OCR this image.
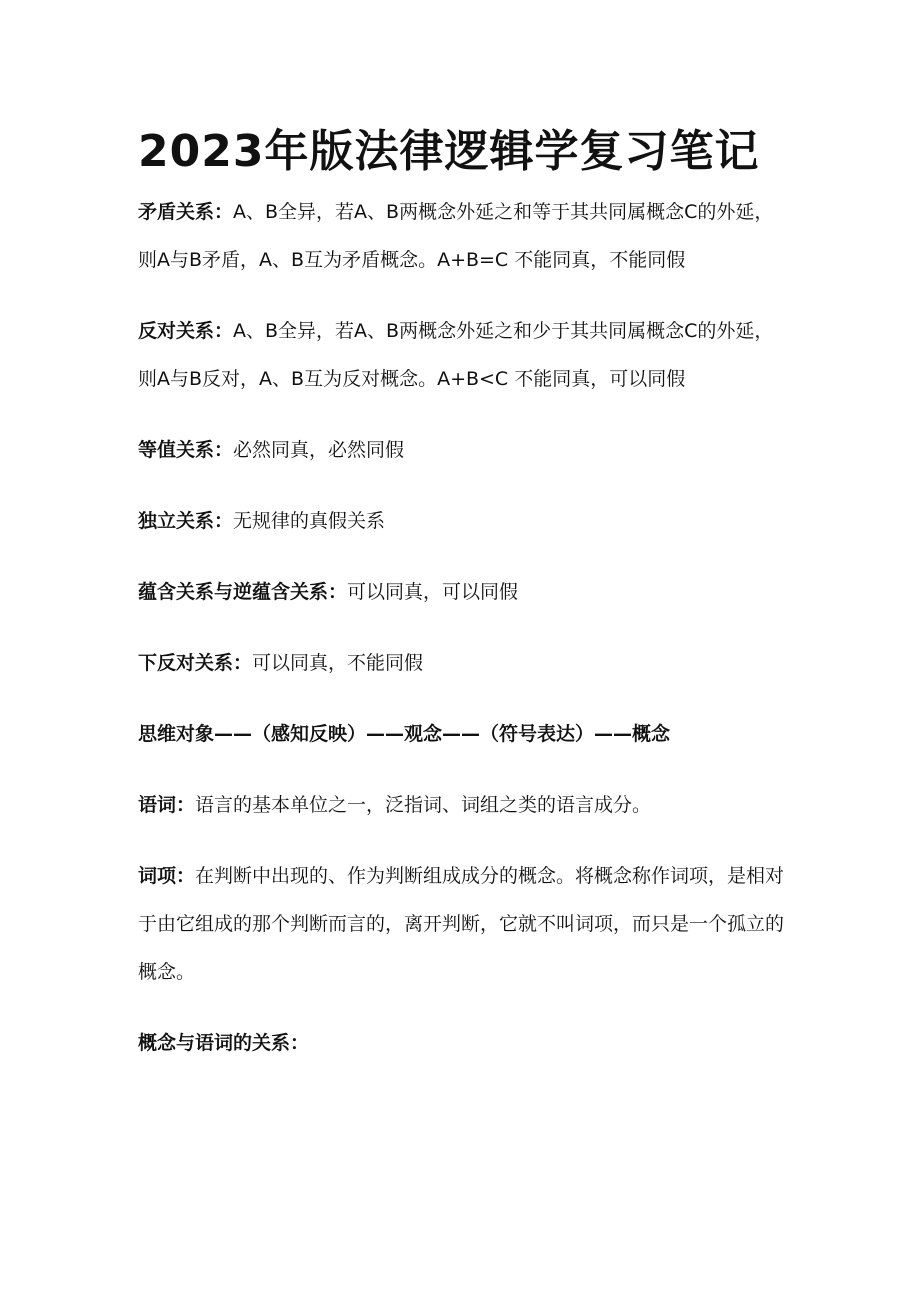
2023年版法律逻辑学复习笔记

矛盾关系：A、B全异，若A、B两概念外延之和等于其共同属概念C的外延，则A与B矛盾，A、B互为矛盾概念。A+B=C 不能同真，不能同假

反对关系：A、B全异，若A、B两概念外延之和少于其共同属概念C的外延，则A与B反对，A、B互为反对概念。A+B<C 不能同真，可以同假

等值关系：必然同真，必然同假

独立关系：无规律的真假关系

蕴含关系与逆蕴含关系：可以同真，可以同假

下反对关系：可以同真，不能同假

思维对象——（感知反映）——观念——（符号表达）——概念

语词：语言的基本单位之一，泛指词、词组之类的语言成分。

词项：在判断中出现的、作为判断组成成分的概念。将概念称作词项，是相对于由它组成的那个判断而言的，离开判断，它就不叫词项，而只是一个孤立的概念。

概念与语词的关系：
